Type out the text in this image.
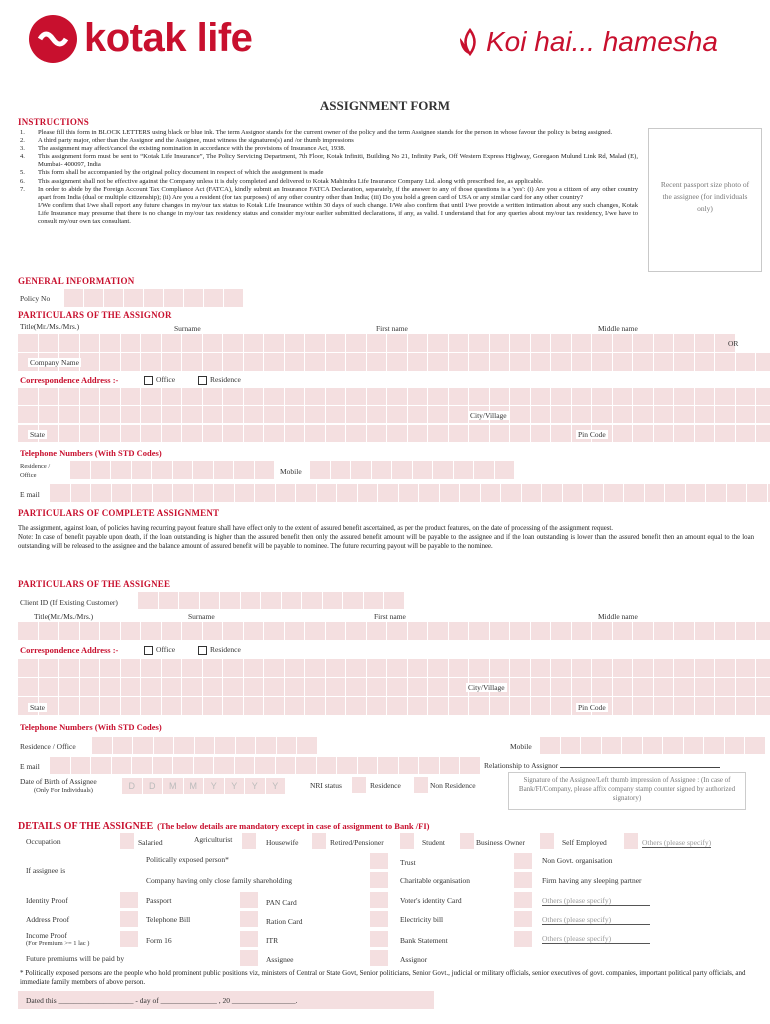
kotak life	Koi hai... hamesha
ASSIGNMENT FORM
INSTRUCTIONS
1.	Please fill this form in BLOCK LETTERS using black or blue ink. The term Assignor stands for the current owner of the policy and the term Assignee stands for the person in whose favour the policy is being assigned.
2.	A third party major, other than the Assignor and the Assignee, must witness the signatures(s) and /or thumb impressions
3.	The assignment may affect/cancel the existing nomination in accordance with the provisions of Insurance Act, 1938.
4.	This assignment form must be sent to “Kotak Life Insurance”, The Policy Servicing Department, 7th Floor, Kotak Infiniti, Building No 21, Infinity Park, Off Western Express Highway, Goregaon Mulund Link Rd, Malad (E), Mumbai- 400097, India
5.	This form shall be accompanied by the original policy document in respect of which the assignment is made
6.	This assignment shall not be effective against the Company unless it is duly completed and delivered to Kotak Mahindra Life Insurance Company Ltd. along with prescribed fee, as applicable.
7.	In order to abide by the Foreign Account Tax Compliance Act (FATCA), kindly submit an Insurance FATCA Declaration, separately, if the answer to any of those questions is a 'yes': (i) Are you a citizen of any other country apart from India (dual or multiple citizenship); (ii) Are you a resident (for tax purposes) of any other country other than India; (iii) Do you hold a green card of USA or any similar card for any other country?
I/We confirm that I/we shall report any future changes in my/our tax status to Kotak Life Insurance within 30 days of such change. I/We also confirm that until I/we provide a written intimation about any such changes, Kotak Life Insurance may presume that there is no change in my/our tax residency status and consider my/our earlier submitted declarations, if any, as valid. I understand that for any queries about my/our tax residency, I/we have to consult my/our own tax consultant.
Recent passport size photo of the assignee (for individuals only)
GENERAL INFORMATION
Policy No
PARTICULARS OF THE ASSIGNOR
Title(Mr./Ms./Mrs.)	Surname	First name	Middle name
OR
Company Name
Correspondence Address :-	Office	Residence
City/Village
State	Pin Code
Telephone Numbers (With STD Codes)
Residence / Office	Mobile
E mail
PARTICULARS OF COMPLETE ASSIGNMENT
The assignment, against loan, of policies having recurring payout feature shall have effect only to the extent of assured benefit ascertained, as per the product features, on the date of processing of the assignment request.
Note: In case of benefit payable upon death, if the loan outstanding is higher than the assured benefit then only the assured benefit amount will be payable to the assignee and if the loan outstanding is lower than the assured benefit then an amount equal to the loan outstanding will be released to the assignee and the balance amount of assured benefit will be payable to nominee. The future recurring payout will be payable to the nominee.
PARTICULARS OF THE ASSIGNEE
Client ID (If Existing Customer)
Title(Mr./Ms./Mrs.)	Surname	First name	Middle name
Correspondence Address :-	Office	Residence
City/Village
State	Pin Code
Telephone Numbers (With STD Codes)
Residence / Office	Mobile
E mail	Relationship to Assignor
Date of Birth of Assignee
(Only For Individuals)	D	D	M	M	Y	Y	Y	Y	NRI status	Residence	Non Residence
Signature of the Assignee/Left thumb impression of Assignee : (In case of Bank/FI/Company, please affix company stamp counter signed by authorized signatory)
DETAILS OF THE ASSIGNEE (The below details are mandatory except in case of assignment to Bank /FI)
Occupation	Salaried	Agriculturist	Housewife	Retired/Pensioner	Student	Business Owner	Self Employed	Others (please specify)
If assignee is
Politically exposed person*	Trust	Non Govt. organisation
Company having only close family shareholding	Charitable organisation	Firm having any sleeping partner
Identity Proof	Passport	PAN Card	Voter's identity Card	Others (please specify)
Address Proof	Telephone Bill	Ration Card	Electricity bill	Others (please specify)
Income Proof
(For Premium >= 1 lac )	Form 16	ITR	Bank Statement	Others (please specify)
Future premiums will be paid by	Assignee	Assignor
* Politically exposed persons are the people who hold prominent public positions viz, ministers of Central or State Govt, Senior politicians, Senior Govt., judicial or military officials, senior executives of govt. companies, important political party officials, and immediate family members of above person.
Dated this ____________________ - day of _______________ , 20 _________________.
